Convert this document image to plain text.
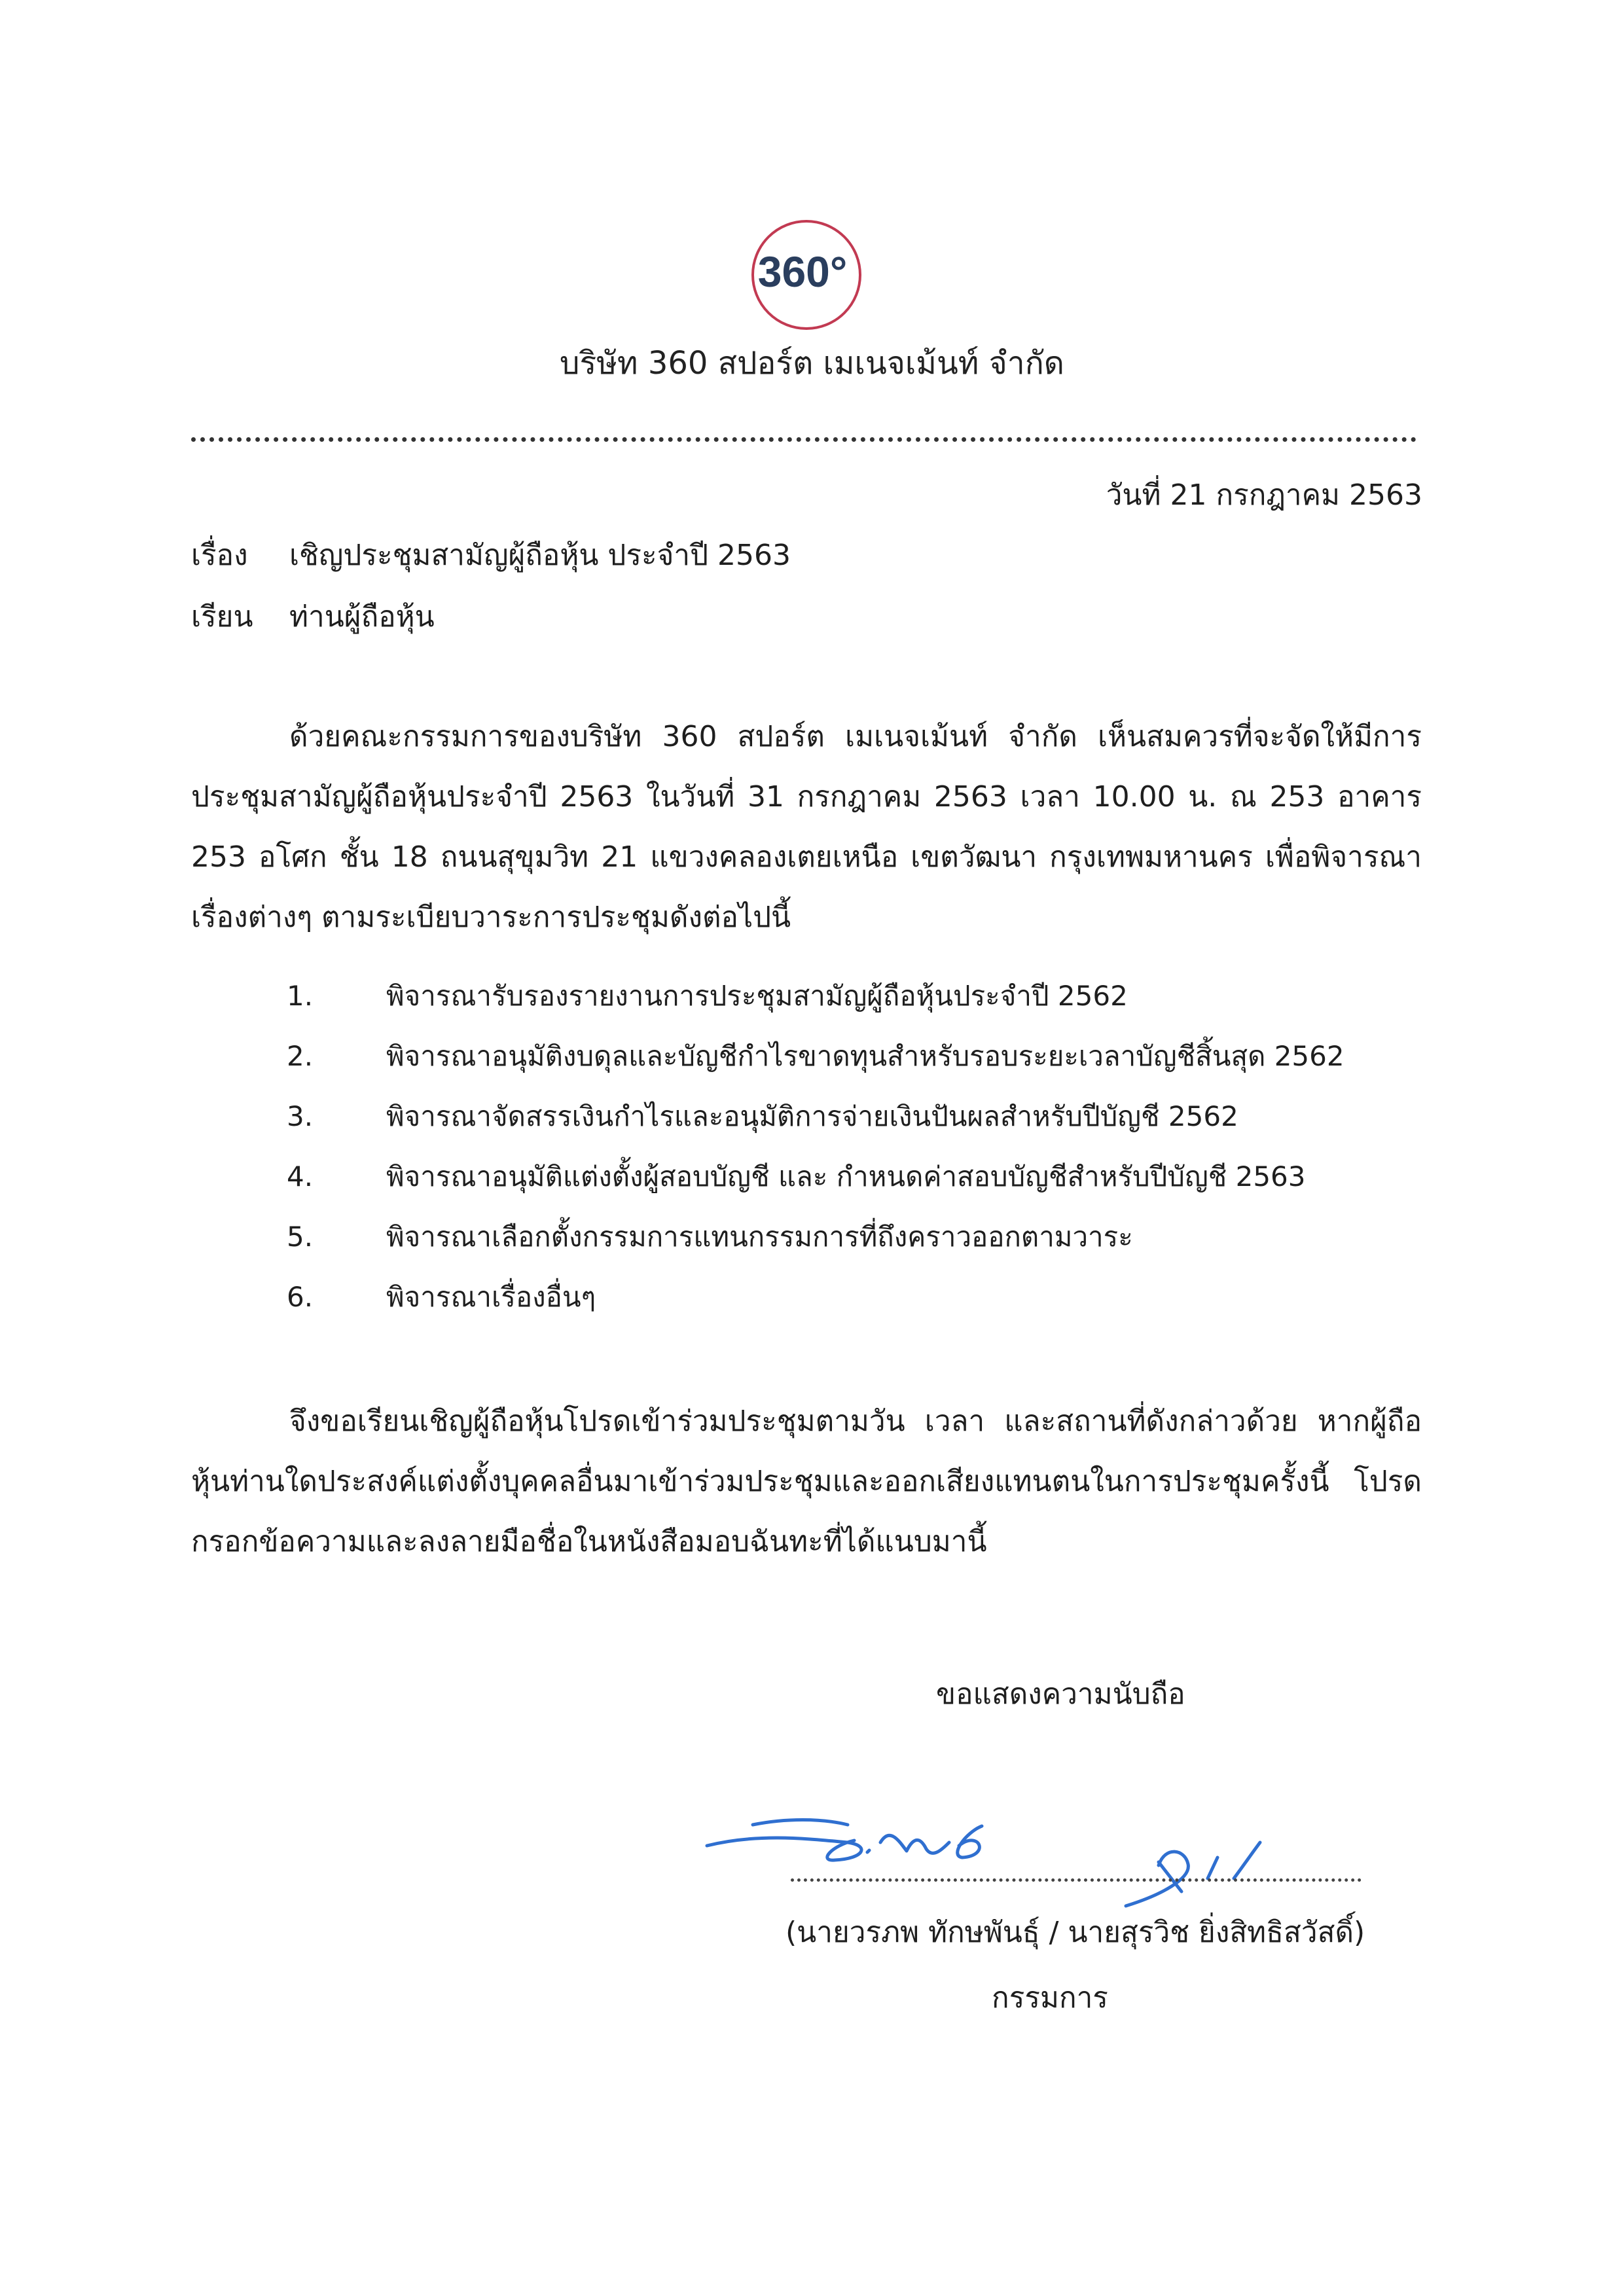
360°
บริษัท 360 สปอร์ต เมเนจเม้นท์ จำกัด
วันที่ 21 กรกฎาคม 2563
เรื่อง	เชิญประชุมสามัญผู้ถือหุ้น ประจำปี 2563
เรียน	ท่านผู้ถือหุ้น
ด้วยคณะกรรมการของบริษัท 360 สปอร์ต เมเนจเม้นท์ จำกัด เห็นสมควรที่จะจัดให้มีการประชุมสามัญผู้ถือหุ้นประจำปี 2563 ในวันที่ 31 กรกฎาคม 2563 เวลา 10.00 น. ณ 253 อาคาร 253 อโศก ชั้น 18 ถนนสุขุมวิท 21 แขวงคลองเตยเหนือ เขตวัฒนา กรุงเทพมหานคร เพื่อพิจารณาเรื่องต่างๆ ตามระเบียบวาระการประชุมดังต่อไปนี้
1.	พิจารณารับรองรายงานการประชุมสามัญผู้ถือหุ้นประจำปี 2562
2.	พิจารณาอนุมัติงบดุลและบัญชีกำไรขาดทุนสำหรับรอบระยะเวลาบัญชีสิ้นสุด 2562
3.	พิจารณาจัดสรรเงินกำไรและอนุมัติการจ่ายเงินปันผลสำหรับปีบัญชี 2562
4.	พิจารณาอนุมัติแต่งตั้งผู้สอบบัญชี และ กำหนดค่าสอบบัญชีสำหรับปีบัญชี 2563
5.	พิจารณาเลือกตั้งกรรมการแทนกรรมการที่ถึงคราวออกตามวาระ
6.	พิจารณาเรื่องอื่นๆ
จึงขอเรียนเชิญผู้ถือหุ้นโปรดเข้าร่วมประชุมตามวัน เวลา และสถานที่ดังกล่าวด้วย หากผู้ถือหุ้นท่านใดประสงค์แต่งตั้งบุคคลอื่นมาเข้าร่วมประชุมและออกเสียงแทนตนในการประชุมครั้งนี้ โปรดกรอกข้อความและลงลายมือชื่อในหนังสือมอบฉันทะที่ได้แนบมานี้
ขอแสดงความนับถือ
(นายวรภพ ทักษพันธุ์ / นายสุรวิช ยิ่งสิทธิสวัสดิ์)
กรรมการ
